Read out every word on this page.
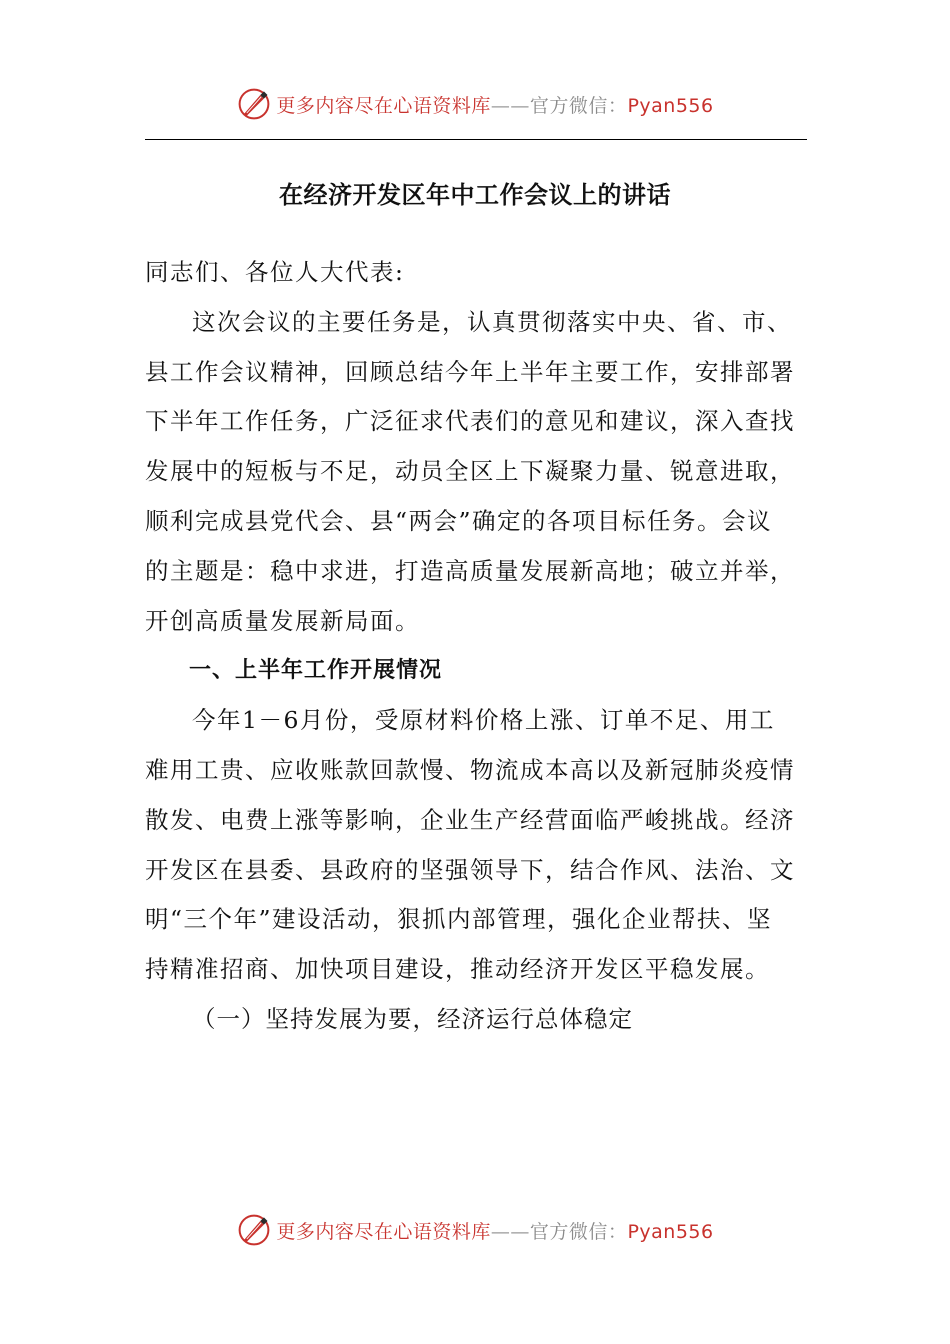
更多内容尽在心语资料库——官方微信：Pyan556
在经济开发区年中工作会议上的讲话

同志们、各位人大代表:

这次会议的主要任务是，认真贯彻落实中央、省、市、县工作会议精神，回顾总结今年上半年主要工作，安排部署下半年工作任务，广泛征求代表们的意见和建议，深入查找发展中的短板与不足，动员全区上下凝聚力量、锐意进取，顺利完成县党代会、县“两会”确定的各项目标任务。会议的主题是：稳中求进，打造高质量发展新高地；破立并举，开创高质量发展新局面。

一、上半年工作开展情况

今年1－6月份，受原材料价格上涨、订单不足、用工难用工贵、应收账款回款慢、物流成本高以及新冠肺炎疫情散发、电费上涨等影响，企业生产经营面临严峻挑战。经济开发区在县委、县政府的坚强领导下，结合作风、法治、文明“三个年”建设活动，狠抓内部管理，强化企业帮扶、坚持精准招商、加快项目建设，推动经济开发区平稳发展。

（一）坚持发展为要，经济运行总体稳定

更多内容尽在心语资料库——官方微信：Pyan556
